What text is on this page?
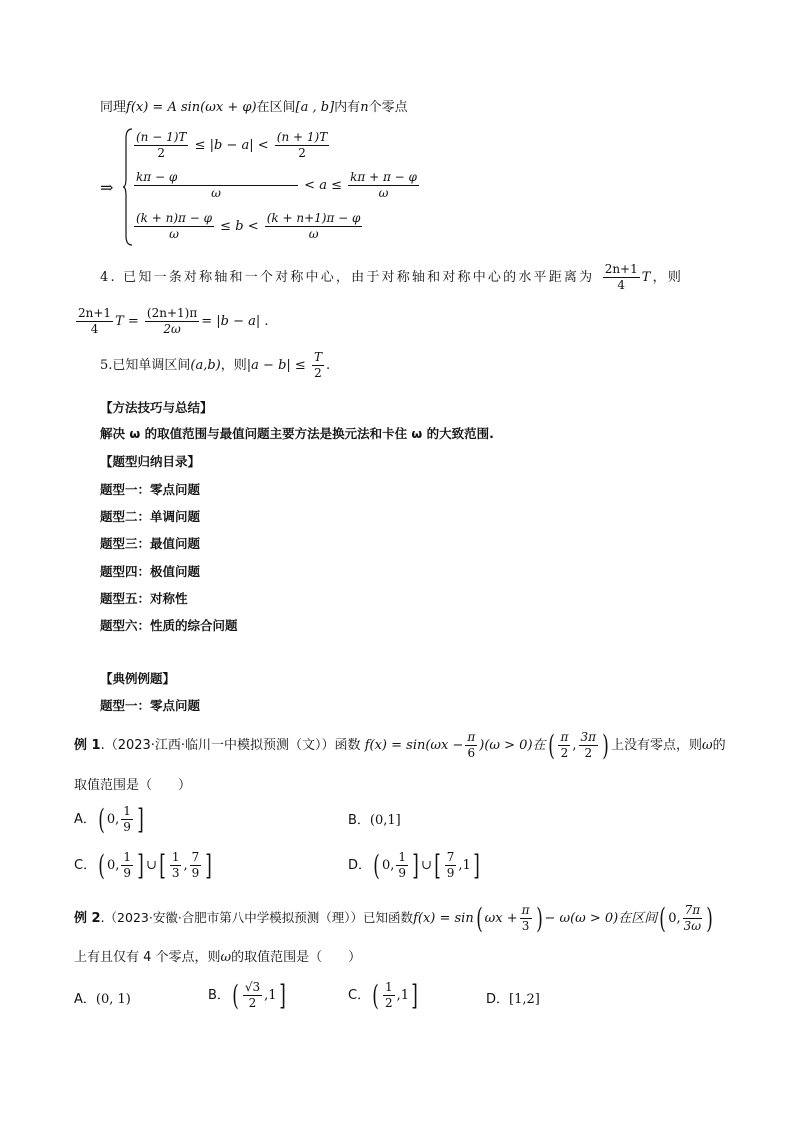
同理f(x) = A sin(ωx + φ)在区间[a , b]内有n个零点
⇒
$\frac{(n - 1)T}{2} \le |b - a| < \frac{(n + 1)T}{2}$
$\frac{k\pi - \varphi}{\omega} < a \le \frac{k\pi + \pi - \varphi}{\omega}$
$\frac{(k + n)\pi - \varphi}{\omega} \le b < \frac{(k + n+1)\pi - \varphi}{\omega}$
4. 已知一条对称轴和一个对称中心，由于对称轴和对称中心的水平距离为 $\frac{2n+1}{4}$ T，则
$\frac{2n+1}{4}$ $T = \frac{(2n+1)\pi}{2\omega} = |b - a|$ .
5.已知单调区间(a,b)，则$|a - b| \le \frac{T}{2}$ .
【方法技巧与总结】
解决 ω 的取值范围与最值问题主要方法是换元法和卡住 ω 的大致范围.
【题型归纳目录】
题型一：零点问题
题型二：单调问题
题型三：最值问题
题型四：极值问题
题型五：对称性
题型六：性质的综合问题
【典例例题】
题型一：零点问题
例 1.（2023·江西·临川一中模拟预测（文））函数 $f(x) = \sin(\omega x - \frac{\pi}{6} )(\omega > 0)$在( $\frac{\pi}{2}$ , $\frac{3\pi}{2}$ ) 上没有零点，则ω的
取值范围是（　　）
A．( 0, $\frac{1}{9}$ ]	B．(0,1]
C．( 0, $\frac{1}{9}$ ] ∪[ $\frac{1}{3}$ , $\frac{7}{9}$ ]	D．( 0, $\frac{1}{9}$ ] ∪[ $\frac{7}{9} ,1$]
例 2.（2023·安徽·合肥市第八中学模拟预测（理））已知函数f(x) = sin( $\omega x + \frac{\pi}{3}$ ) − ω(ω > 0)在区间( 0, $\frac{7\pi}{3\omega}$ )
上有且仅有 4 个零点，则ω的取值范围是（　　）
A．(0, 1)	B．( $\frac{√3}{2} ,1$]	C．( $\frac{1}{2} ,1$]	D．[1,2]
